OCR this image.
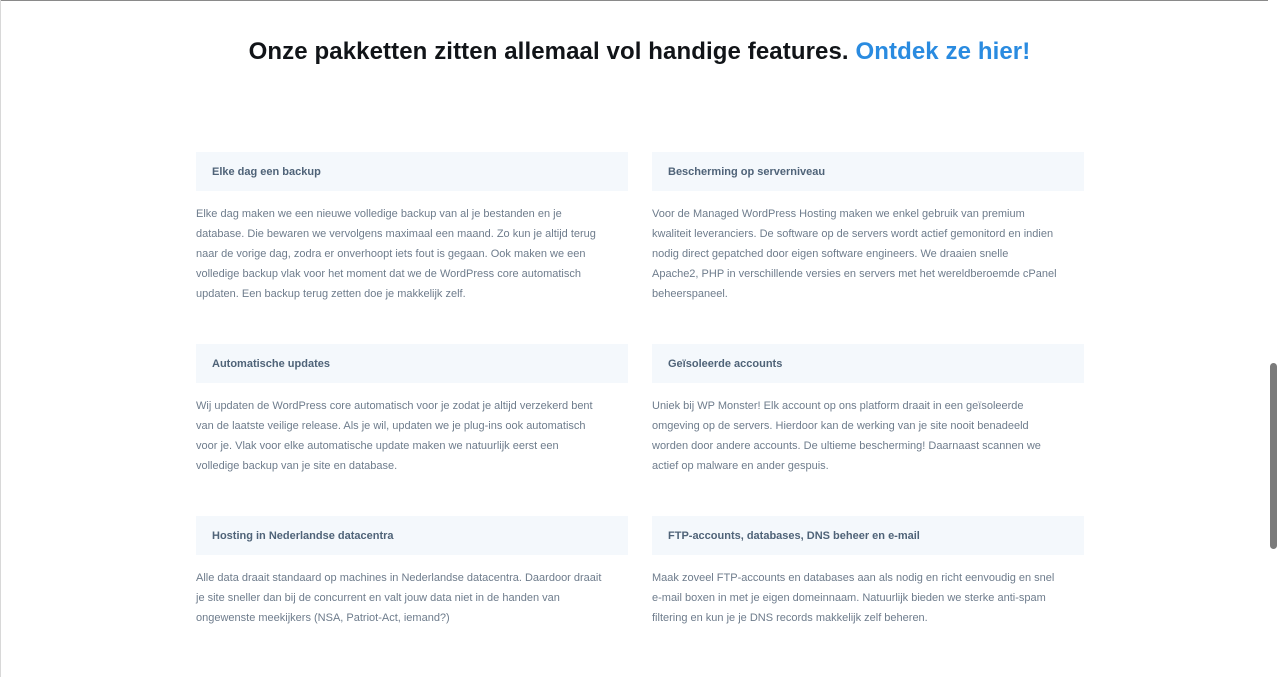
Onze pakketten zitten allemaal vol handige features. Ontdek ze hier!
Elke dag een backup
Elke dag maken we een nieuwe volledige backup van al je bestanden en je
database. Die bewaren we vervolgens maximaal een maand. Zo kun je altijd terug
naar de vorige dag, zodra er onverhoopt iets fout is gegaan. Ook maken we een
volledige backup vlak voor het moment dat we de WordPress core automatisch
updaten. Een backup terug zetten doe je makkelijk zelf.
Bescherming op serverniveau
Voor de Managed WordPress Hosting maken we enkel gebruik van premium
kwaliteit leveranciers. De software op de servers wordt actief gemonitord en indien
nodig direct gepatched door eigen software engineers. We draaien snelle
Apache2, PHP in verschillende versies en servers met het wereldberoemde cPanel
beheerspaneel.
Automatische updates
Wij updaten de WordPress core automatisch voor je zodat je altijd verzekerd bent
van de laatste veilige release. Als je wil, updaten we je plug-ins ook automatisch
voor je. Vlak voor elke automatische update maken we natuurlijk eerst een
volledige backup van je site en database.
Geïsoleerde accounts
Uniek bij WP Monster! Elk account op ons platform draait in een geïsoleerde
omgeving op de servers. Hierdoor kan de werking van je site nooit benadeeld
worden door andere accounts. De ultieme bescherming! Daarnaast scannen we
actief op malware en ander gespuis.
Hosting in Nederlandse datacentra
Alle data draait standaard op machines in Nederlandse datacentra. Daardoor draait
je site sneller dan bij de concurrent en valt jouw data niet in de handen van
ongewenste meekijkers (NSA, Patriot-Act, iemand?)
FTP-accounts, databases, DNS beheer en e-mail
Maak zoveel FTP-accounts en databases aan als nodig en richt eenvoudig en snel
e-mail boxen in met je eigen domeinnaam. Natuurlijk bieden we sterke anti-spam
filtering en kun je je DNS records makkelijk zelf beheren.
